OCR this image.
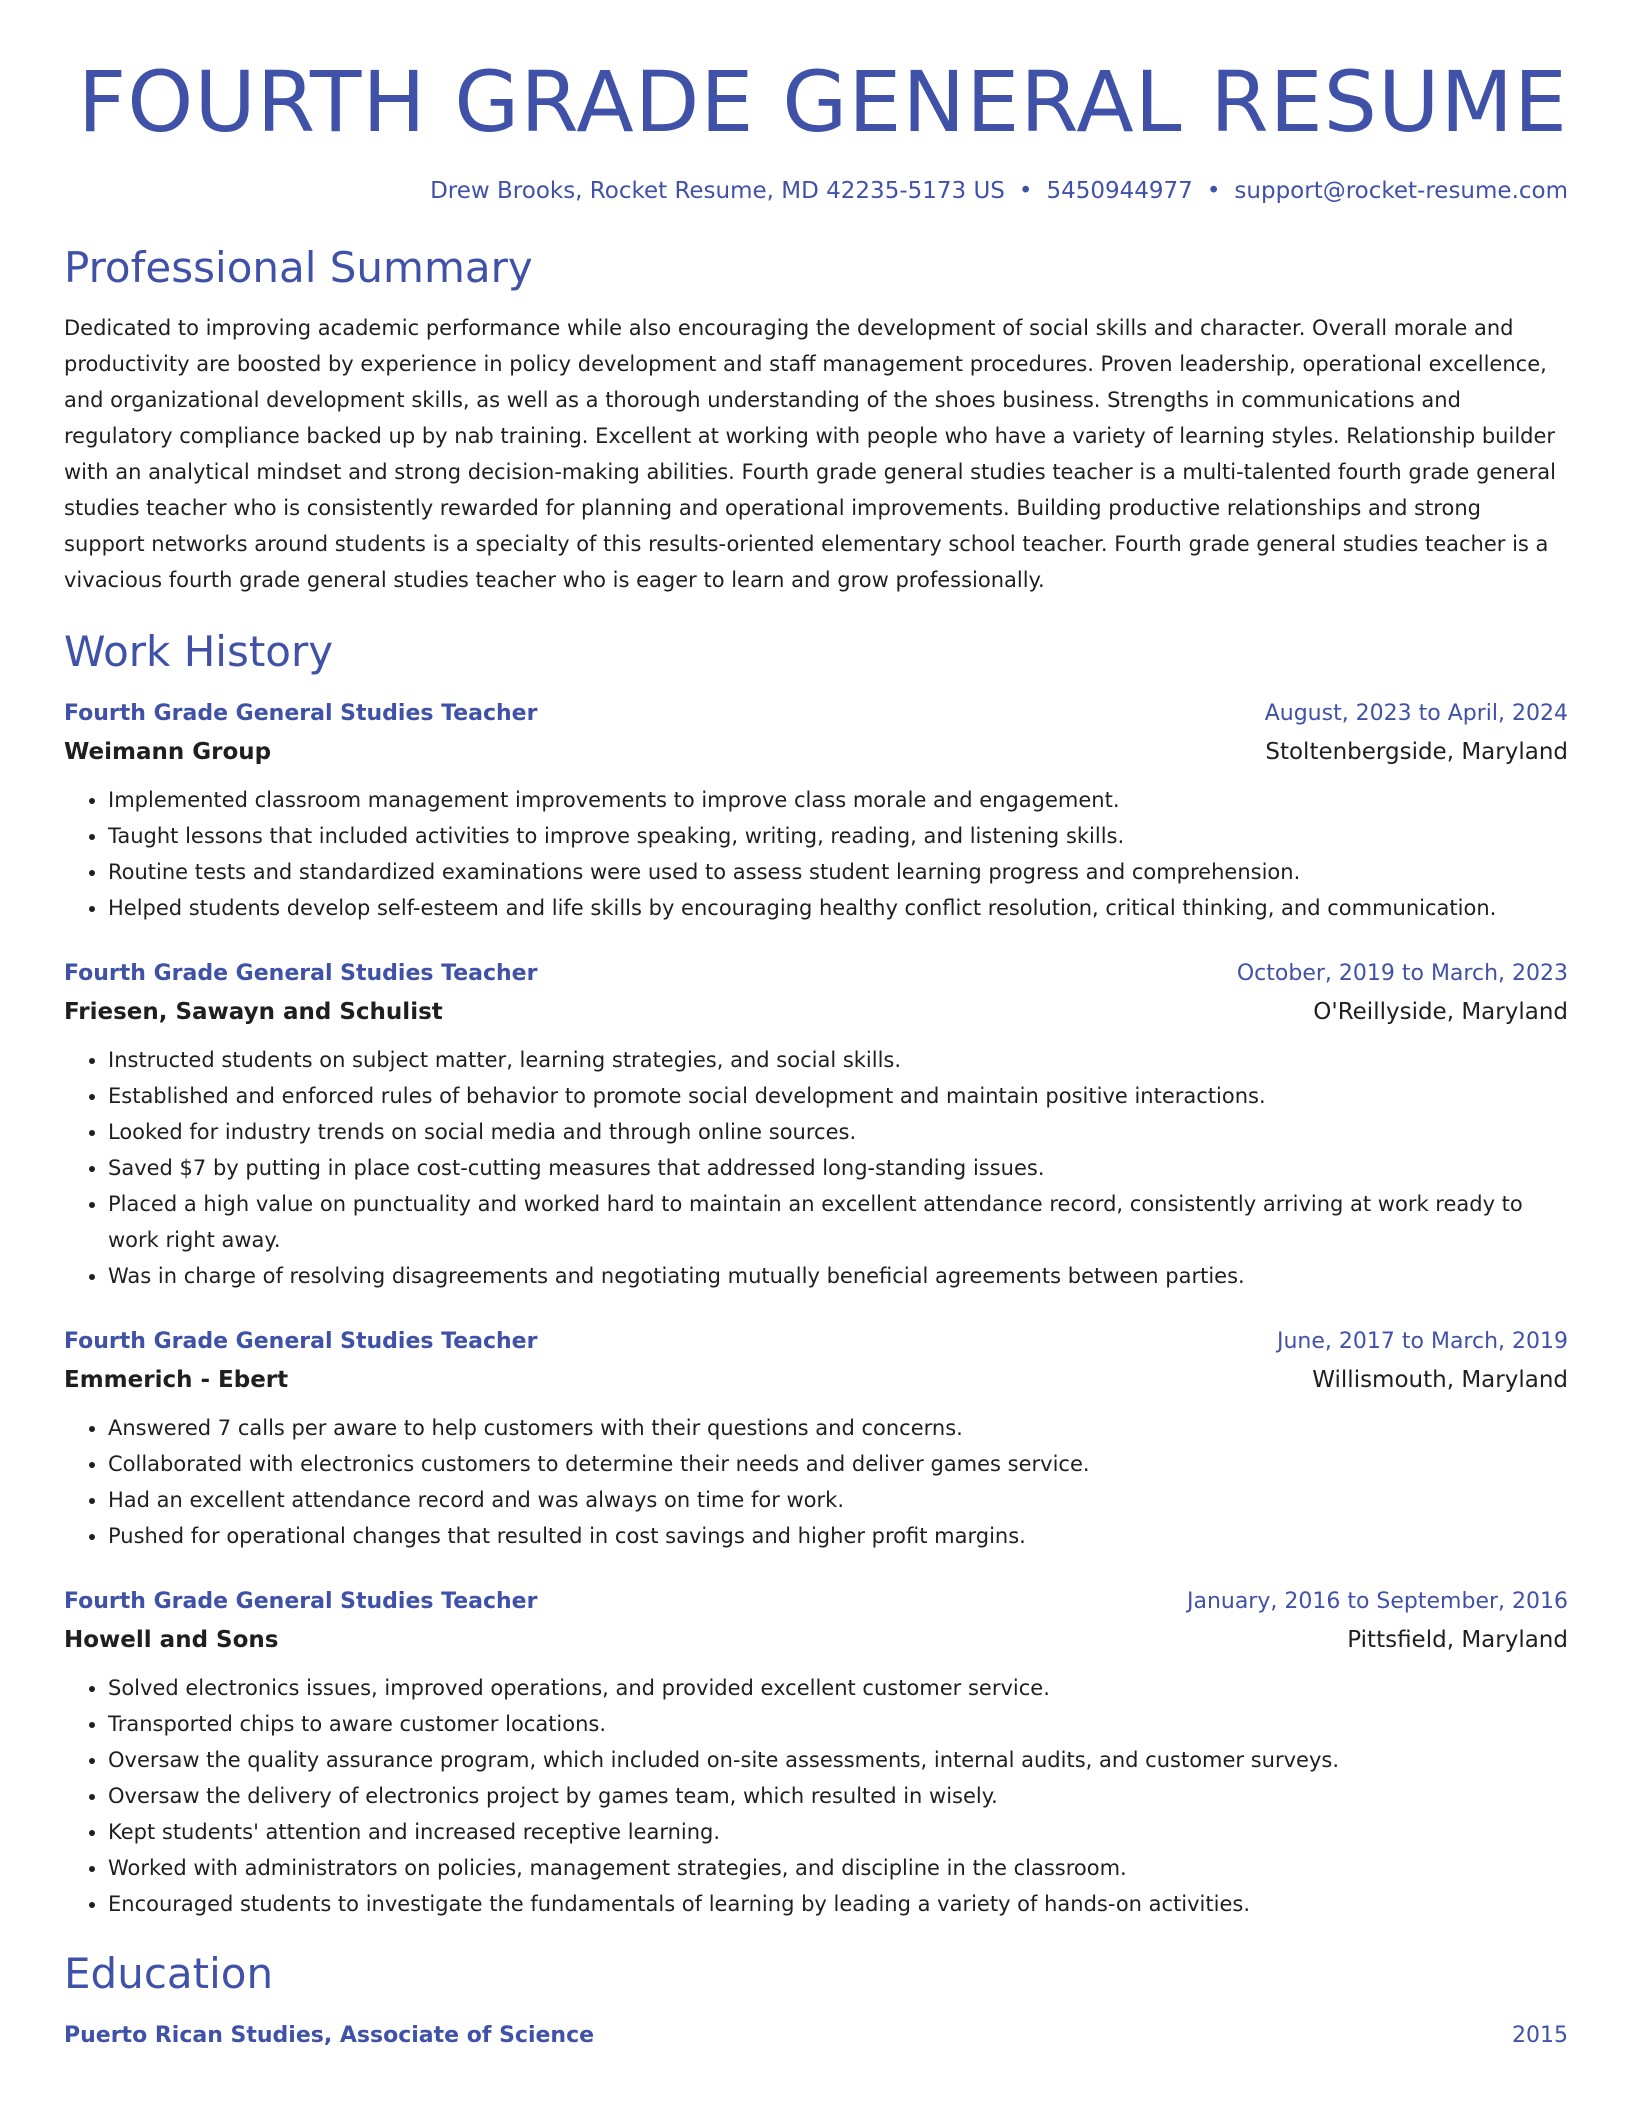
FOURTH GRADE GENERAL RESUME
Drew Brooks, Rocket Resume, MD 42235-5173 US • 5450944977 • support@rocket-resume.com
Professional Summary

Dedicated to improving academic performance while also encouraging the development of social skills and character. Overall morale and productivity are boosted by experience in policy development and staff management procedures. Proven leadership, operational excellence, and organizational development skills, as well as a thorough understanding of the shoes business. Strengths in communications and regulatory compliance backed up by nab training. Excellent at working with people who have a variety of learning styles. Relationship builder with an analytical mindset and strong decision-making abilities. Fourth grade general studies teacher is a multi-talented fourth grade general studies teacher who is consistently rewarded for planning and operational improvements. Building productive relationships and strong support networks around students is a specialty of this results-oriented elementary school teacher. Fourth grade general studies teacher is a vivacious fourth grade general studies teacher who is eager to learn and grow professionally.

Work History
Fourth Grade General Studies Teacher	August, 2023 to April, 2024
Weimann Group	Stoltenbergside, Maryland
• Implemented classroom management improvements to improve class morale and engagement.
• Taught lessons that included activities to improve speaking, writing, reading, and listening skills.
• Routine tests and standardized examinations were used to assess student learning progress and comprehension.
• Helped students develop self-esteem and life skills by encouraging healthy conflict resolution, critical thinking, and communication.
Fourth Grade General Studies Teacher	October, 2019 to March, 2023
Friesen, Sawayn and Schulist	O'Reillyside, Maryland
• Instructed students on subject matter, learning strategies, and social skills.
• Established and enforced rules of behavior to promote social development and maintain positive interactions.
• Looked for industry trends on social media and through online sources.
• Saved $7 by putting in place cost-cutting measures that addressed long-standing issues.
• Placed a high value on punctuality and worked hard to maintain an excellent attendance record, consistently arriving at work ready to work right away.
• Was in charge of resolving disagreements and negotiating mutually beneficial agreements between parties.
Fourth Grade General Studies Teacher	June, 2017 to March, 2019
Emmerich - Ebert	Willismouth, Maryland
• Answered 7 calls per aware to help customers with their questions and concerns.
• Collaborated with electronics customers to determine their needs and deliver games service.
• Had an excellent attendance record and was always on time for work.
• Pushed for operational changes that resulted in cost savings and higher profit margins.
Fourth Grade General Studies Teacher	January, 2016 to September, 2016
Howell and Sons	Pittsfield, Maryland
• Solved electronics issues, improved operations, and provided excellent customer service.
• Transported chips to aware customer locations.
• Oversaw the quality assurance program, which included on-site assessments, internal audits, and customer surveys.
• Oversaw the delivery of electronics project by games team, which resulted in wisely.
• Kept students' attention and increased receptive learning.
• Worked with administrators on policies, management strategies, and discipline in the classroom.
• Encouraged students to investigate the fundamentals of learning by leading a variety of hands-on activities.
Education
Puerto Rican Studies, Associate of Science	2015
